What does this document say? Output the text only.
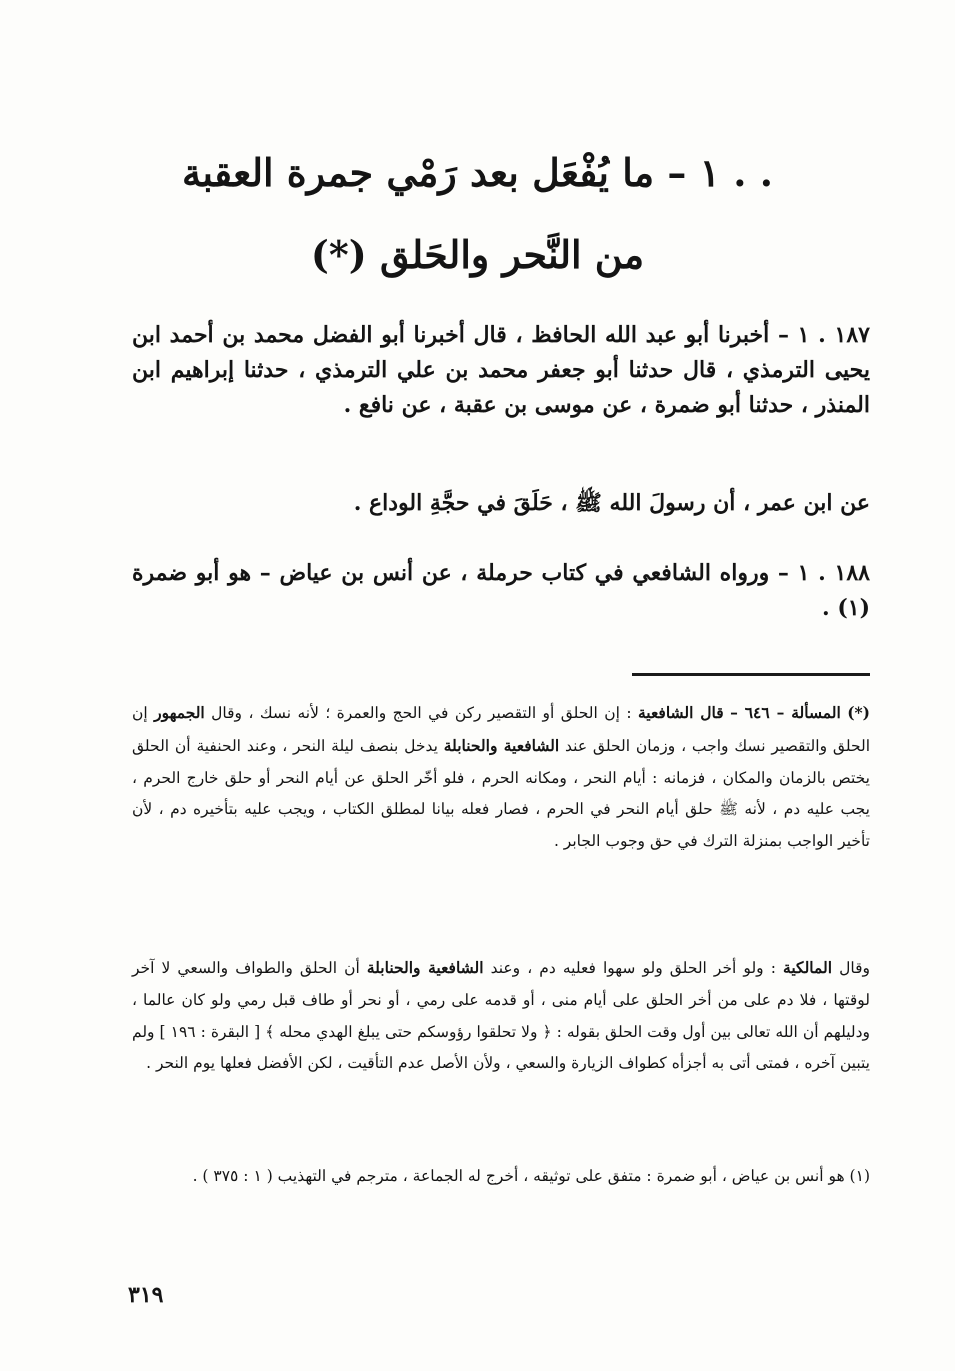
. . ١ – ما يُفْعَل بعد رَمْي جمرة العقبة
من النَّحر والحَلق (*)

١٨٧ . ١ – أخبرنا أبو عبد الله الحافظ ، قال أخبرنا أبو الفضل محمد بن أحمد ابن يحيى الترمذي ، قال حدثنا أبو جعفر محمد بن علي الترمذي ، حدثنا إبراهيم ابن المنذر ، حدثنا أبو ضمرة ، عن موسى بن عقبة ، عن نافع .

عن ابن عمر ، أن رسولَ الله ﷺ ، حَلَقَ في حجَّةِ الوداع .

١٨٨ . ١ – ورواه الشافعي في كتاب حرملة ، عن أنس بن عياض – هو أبو ضمرة (١) .

(*) المسألة – ٦٤٦ – قال الشافعية : إن الحلق أو التقصير ركن في الحج والعمرة ؛ لأنه نسك ، وقال الجمهور إن الحلق والتقصير نسك واجب ، وزمان الحلق عند الشافعية والحنابلة يدخل بنصف ليلة النحر ، وعند الحنفية أن الحلق يختص بالزمان والمكان ، فزمانه : أيام النحر ، ومكانه الحرم ، فلو أخّر الحلق عن أيام النحر أو حلق خارج الحرم ، يجب عليه دم ، لأنه ﷺ حلق أيام النحر في الحرم ، فصار فعله بيانا لمطلق الكتاب ، ويجب عليه بتأخيره دم ، لأن تأخير الواجب بمنزلة الترك في حق وجوب الجابر .

وقال المالكية : ولو أخر الحلق ولو سهوا فعليه دم ، وعند الشافعية والحنابلة أن الحلق والطواف والسعي لا آخر لوقتها ، فلا دم على من أخر الحلق على أيام منى ، أو قدمه على رمي ، أو نحر أو طاف قبل رمي ولو كان عالما ، ودليلهم أن الله تعالى بين أول وقت الحلق بقوله : ﴿ ولا تحلقوا رؤوسكم حتى يبلغ الهدي محله ﴾ [ البقرة : ١٩٦ ] ولم يتبين آخره ، فمتى أتى به أجزأه كطواف الزيارة والسعي ، ولأن الأصل عدم التأقيت ، لكن الأفضل فعلها يوم النحر .

(١) هو أنس بن عياض ، أبو ضمرة : متفق على توثيقه ، أخرج له الجماعة ، مترجم في التهذيب ( ١ : ٣٧٥ ) .

٣١٩
